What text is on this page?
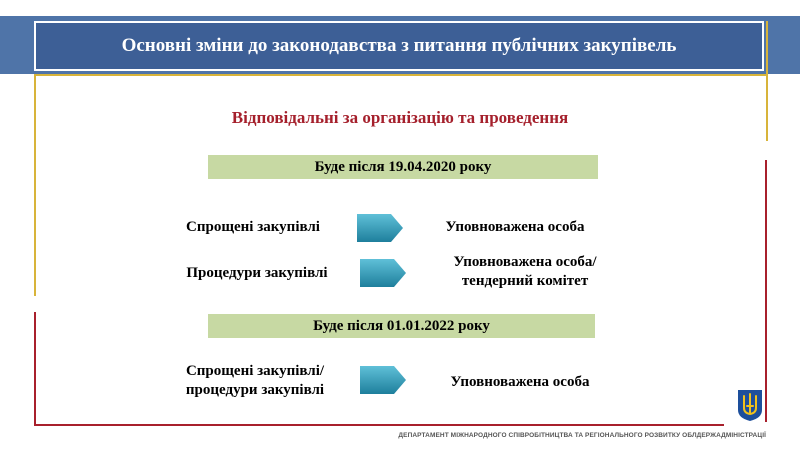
Основні зміни до законодавства з питання публічних закупівель
Відповідальні за організацію та проведення
Буде після 19.04.2020 року
Спрощені закупівлі	Уповноважена особа
Процедури закупівлі
Уповноважена особа/
тендерний комітет
Буде після 01.01.2022 року
Спрощені закупівлі/
процедури закупівлі	Уповноважена особа
ДЕПАРТАМЕНТ МІЖНАРОДНОГО СПІВРОБІТНИЦТВА ТА РЕГІОНАЛЬНОГО РОЗВИТКУ ОБЛДЕРЖАДМІНІСТРАЦІЇ
